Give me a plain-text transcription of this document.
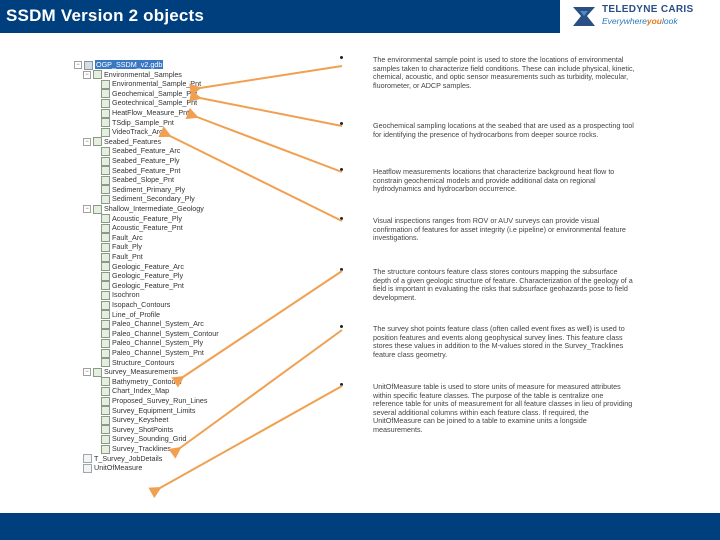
SSDM Version 2 objects	TELEDYNE CARIS
Everywhereyoulook
− OGP_SSDM_v2.gdb
− Environmental_Samples
Environmental_Sample_Pnt
Geochemical_Sample_Pnt
Geotechnical_Sample_Pnt
HeatFlow_Measure_Pnt
TSdip_Sample_Pnt
VideoTrack_Arc
− Seabed_Features
Seabed_Feature_Arc
Seabed_Feature_Ply
Seabed_Feature_Pnt
Seabed_Slope_Pnt
Sediment_Primary_Ply
Sediment_Secondary_Ply
− Shallow_Intermediate_Geology
Acoustic_Feature_Ply
Acoustic_Feature_Pnt
Fault_Arc
Fault_Ply
Fault_Pnt
Geologic_Feature_Arc
Geologic_Feature_Ply
Geologic_Feature_Pnt
Isochron
Isopach_Contours
Line_of_Profile
Paleo_Channel_System_Arc
Paleo_Channel_System_Contour
Paleo_Channel_System_Ply
Paleo_Channel_System_Pnt
Structure_Contours
− Survey_Measurements
Bathymetry_Contours
Chart_Index_Map
Proposed_Survey_Run_Lines
Survey_Equipment_Limits
Survey_Keysheet
Survey_ShotPoints
Survey_Sounding_Grid
Survey_Tracklines
T_Survey_JobDetails
UnitOfMeasure
The environmental sample point is used to store the locations of environmental samples taken to characterize field conditions. These can include physical, kinetic, chemical, acoustic, and optic sensor measurements such as turbidity, molecular, fluorometer, or ADCP samples.
Geochemical sampling locations at the seabed that are used as a prospecting tool for identifying the presence of hydrocarbons from deeper source rocks.
Heatflow measurements locations that characterize background heat flow to constrain geochemical models and provide additional data on regional hydrodynamics and hydrocarbon occurrence.
Visual inspections ranges from ROV or AUV surveys can provide visual confirmation of features for asset integrity (i.e pipeline) or environmental feature investigations.
The structure contours feature class stores contours mapping the subsurface depth of a given geologic structure of feature. Characterization of the geology of a field is important in evaluating the risks that subsurface geohazards pose to field development.
The survey shot points feature class (often called event fixes as well) is used to position features and events along geophysical survey lines. This feature class stores these values in addition to the M-values stored in the Survey_Tracklines feature class geometry.
UnitOfMeasure table is used to store units of measure for measured attributes within specific feature classes. The purpose of the table is centralize one reference table for units of measurement for all feature classes in lieu of providing several additional columns within each feature class. If required, the UnitOfMeasure can be joined to a table to examine units a longside measurements.
